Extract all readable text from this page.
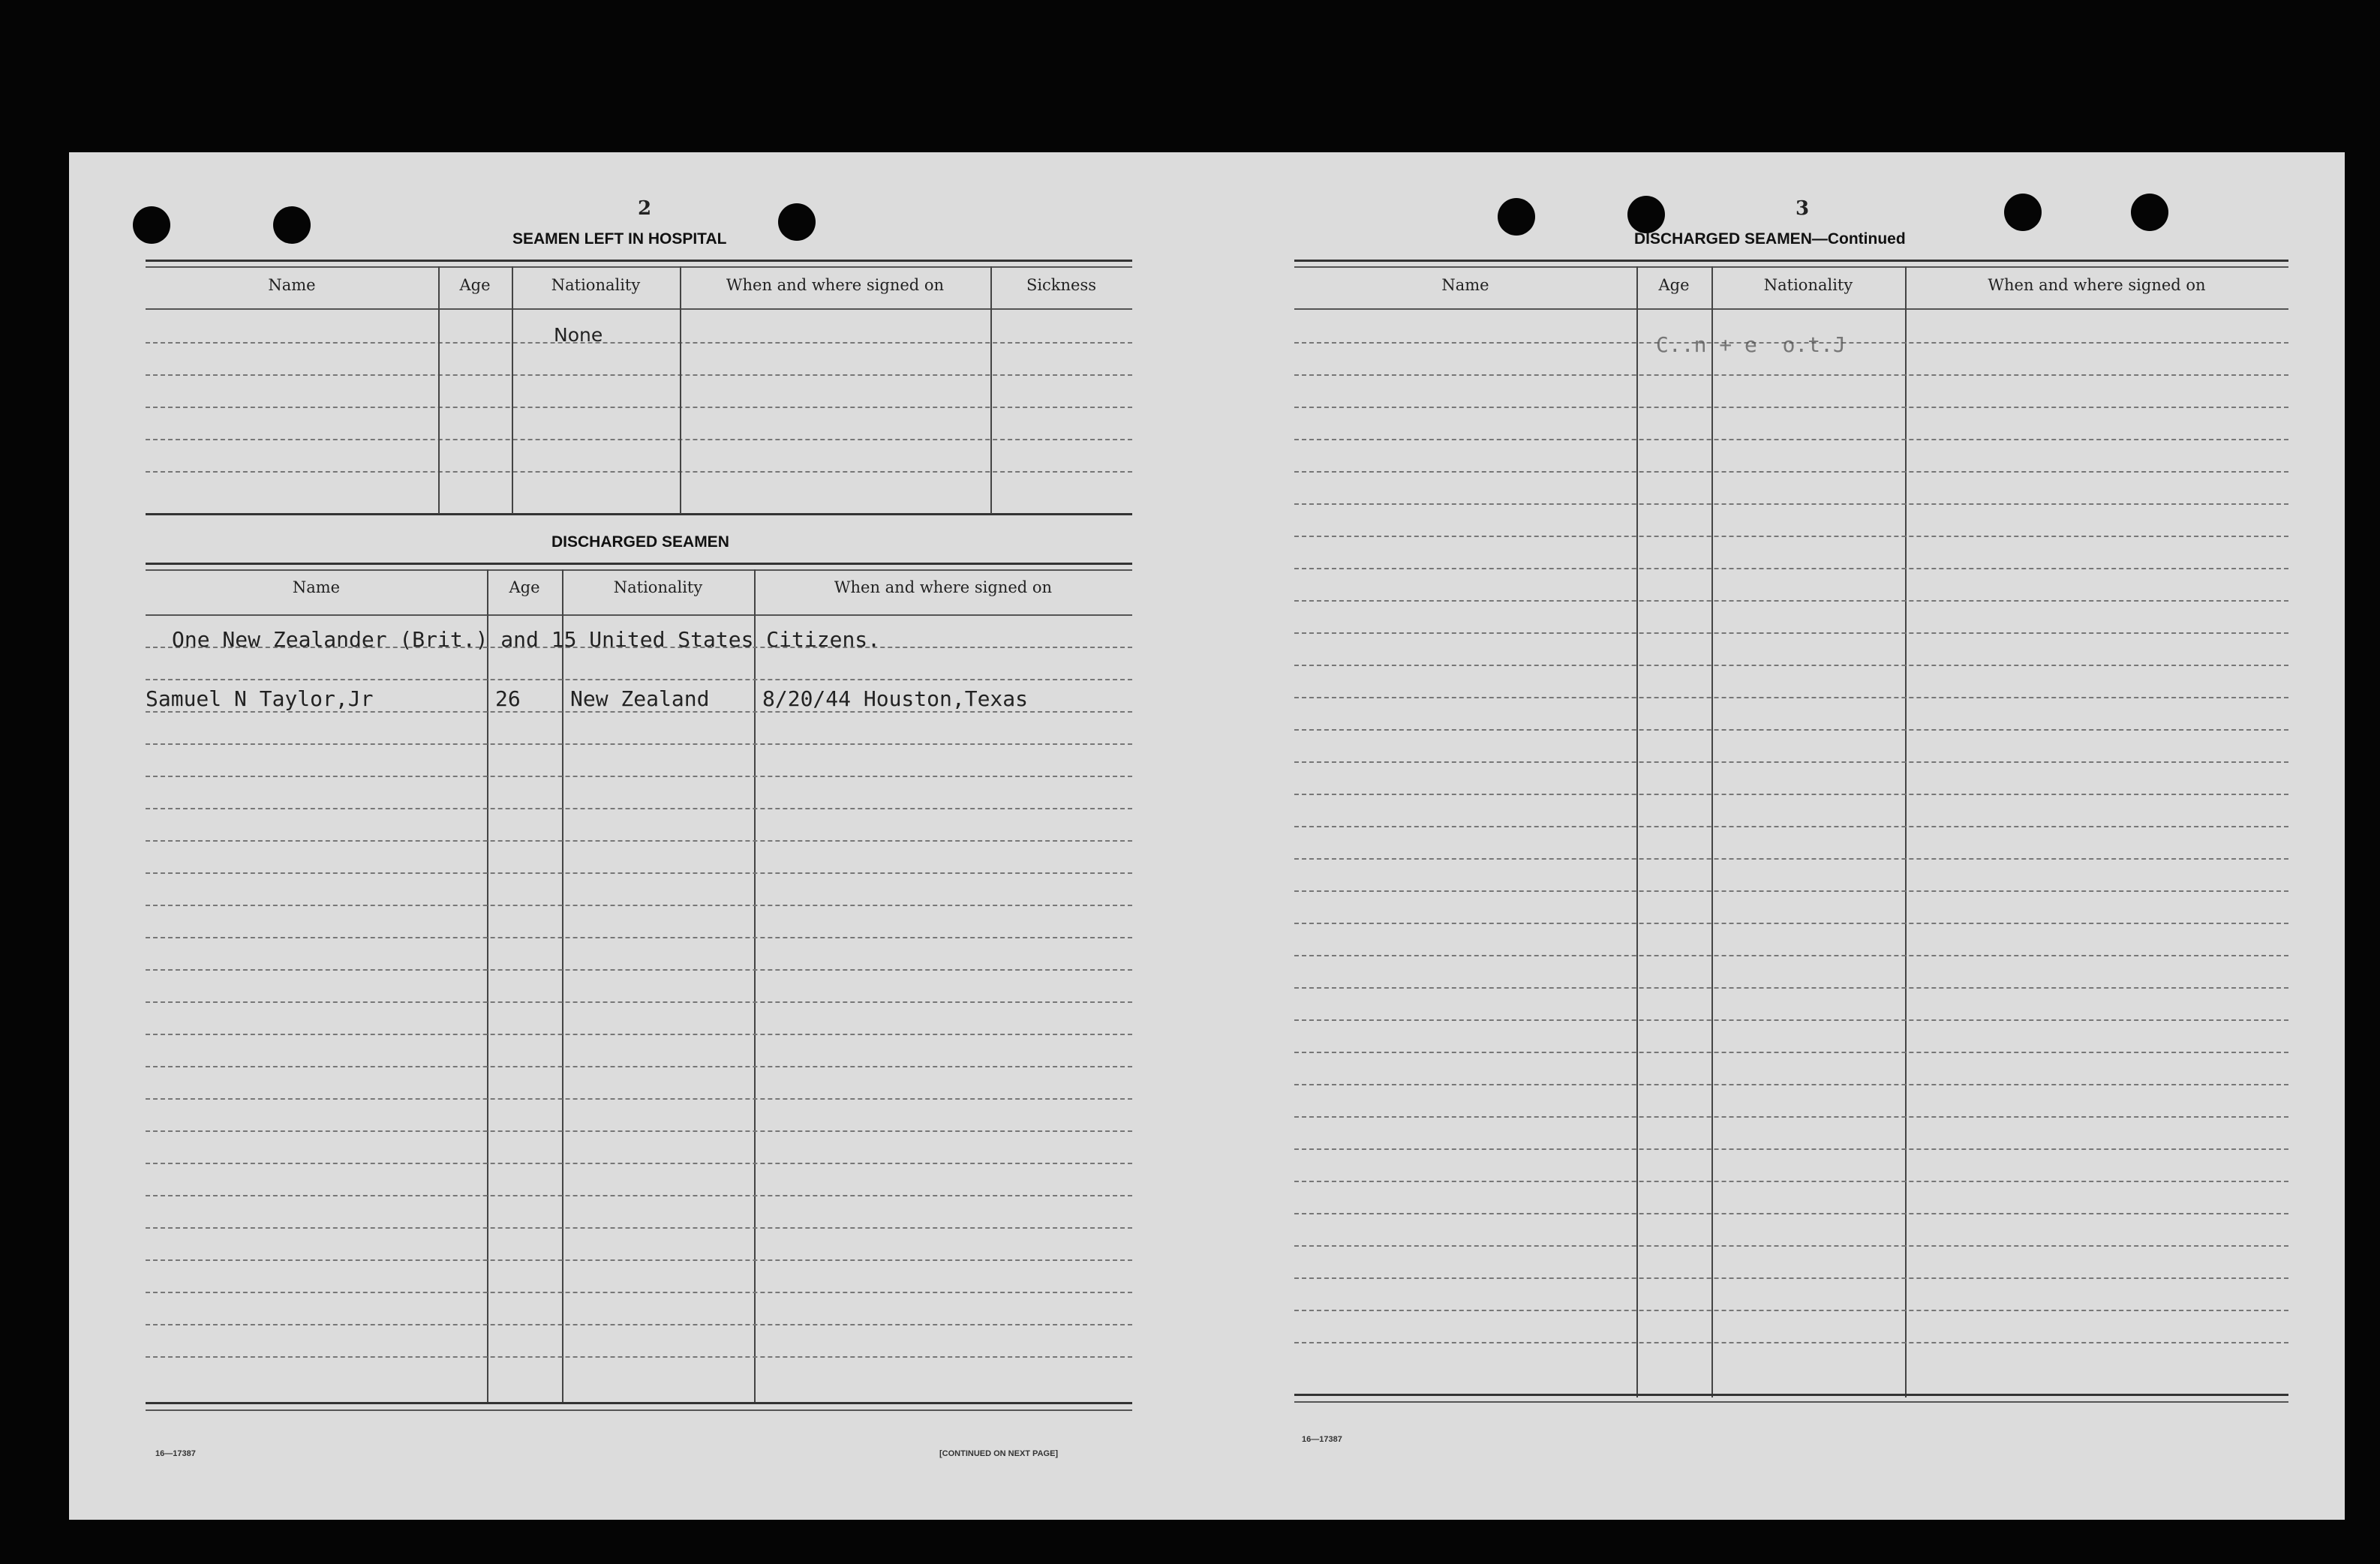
2
SEAMEN LEFT IN HOSPITAL
Name	Age	Nationality	When and where signed on	Sickness
None
DISCHARGED SEAMEN
Name	Age	Nationality	When and where signed on
One New Zealander (Brit.) and 15 United States Citizens.
Samuel N Taylor,Jr	26 New Zealand	8/20/44 Houston,Texas
16—17387	[CONTINUED ON NEXT PAGE]
3
DISCHARGED SEAMEN—Continued
Name	Age	Nationality	When and where signed on
C..n + e  o.t.J
16—17387
